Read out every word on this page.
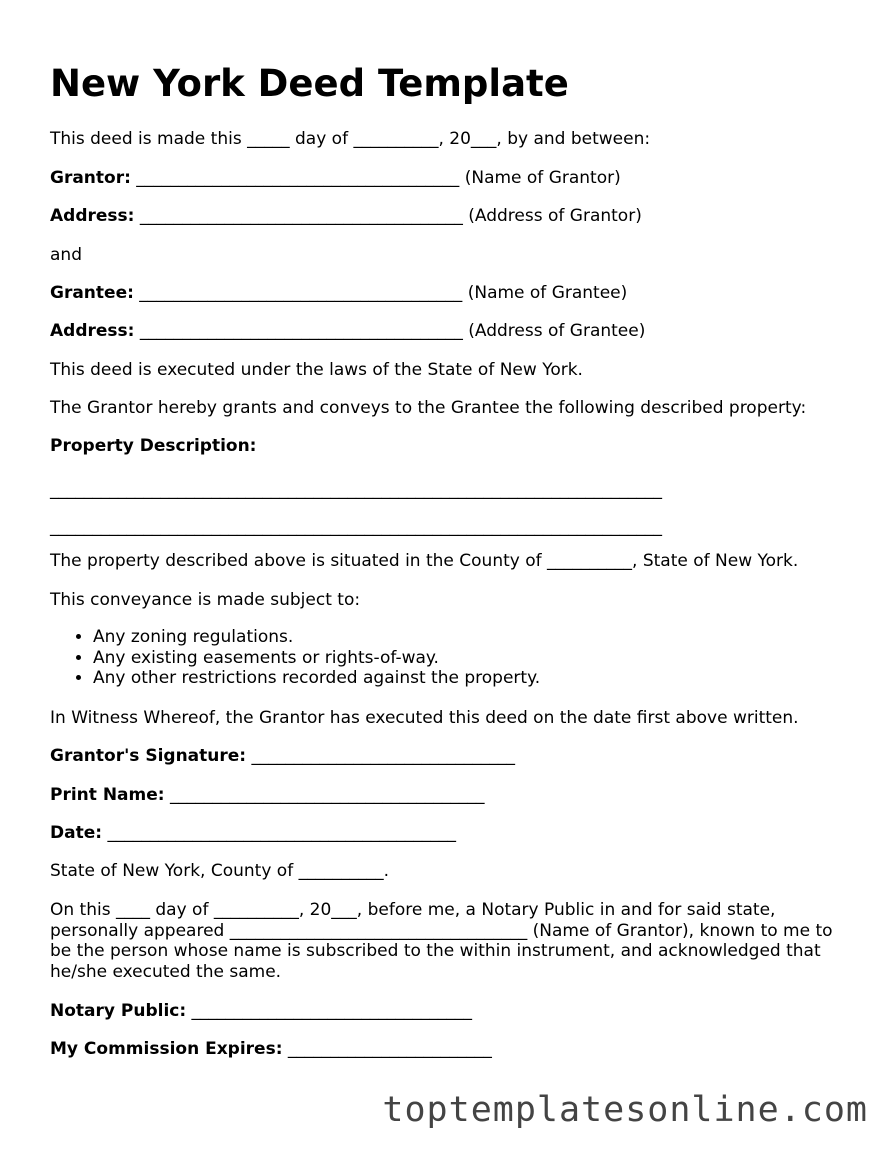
New York Deed Template

This deed is made this _____ day of __________, 20___, by and between:

Grantor: ______________________________________ (Name of Grantor)

Address: ______________________________________ (Address of Grantor)

and

Grantee: ______________________________________ (Name of Grantee)

Address: ______________________________________ (Address of Grantee)

This deed is executed under the laws of the State of New York.

The Grantor hereby grants and conveys to the Grantee the following described property:

Property Description:

________________________________________________________________________

________________________________________________________________________

The property described above is situated in the County of __________, State of New York.

This conveyance is made subject to:

• Any zoning regulations.
• Any existing easements or rights-of-way.
• Any other restrictions recorded against the property.

In Witness Whereof, the Grantor has executed this deed on the date first above written.

Grantor's Signature: _______________________________

Print Name: _____________________________________

Date: _________________________________________

State of New York, County of __________.

On this ____ day of __________, 20___, before me, a Notary Public in and for said state, personally appeared ___________________________________ (Name of Grantor), known to me to be the person whose name is subscribed to the within instrument, and acknowledged that he/she executed the same.

Notary Public: _________________________________

My Commission Expires: ________________________

toptemplatesonline.com
